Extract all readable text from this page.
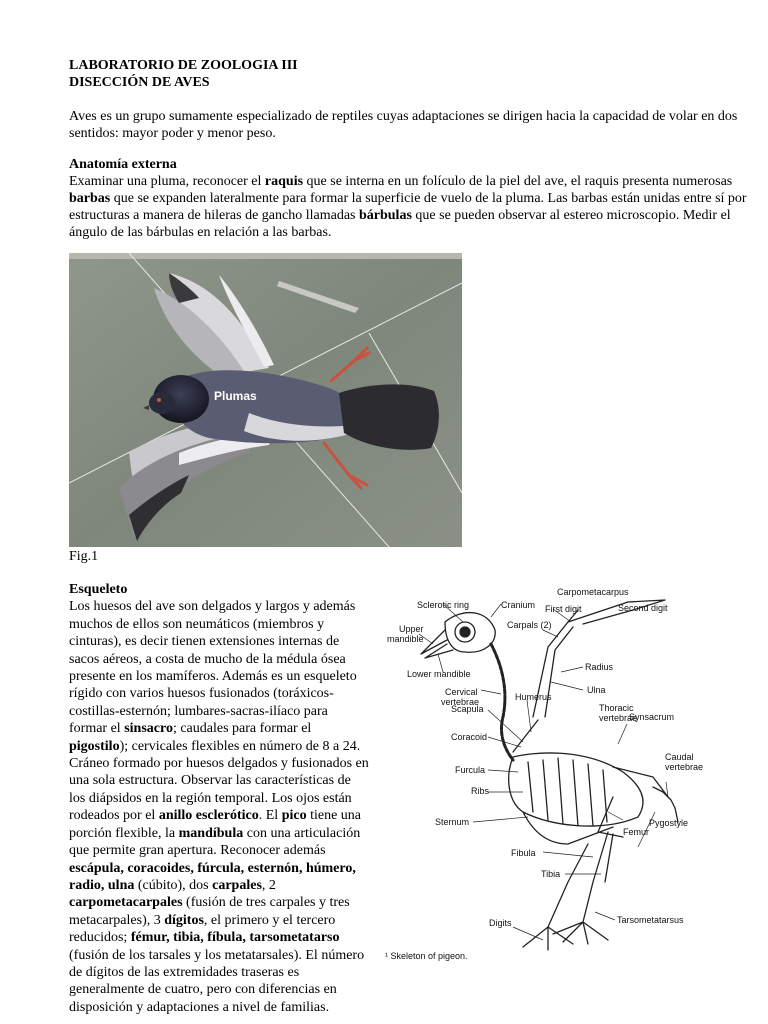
LABORATORIO DE ZOOLOGIA III
DISECCIÓN DE AVES
Aves es un grupo sumamente especializado de reptiles cuyas adaptaciones se dirigen hacia la capacidad de volar en dos sentidos: mayor poder y menor peso.
Anatomía externa
Examinar una pluma, reconocer el raquis que se interna en un folículo de la piel del ave, el raquis presenta numerosas barbas que se expanden lateralmente para formar la superficie de vuelo de la pluma. Las barbas están unidas entre sí por estructuras a manera de hileras de gancho llamadas bárbulas que se pueden observar al estereo microscopio. Medir el ángulo de las bárbulas en relación a las barbas.
Plumas
Fig.1
Esqueleto
Los huesos del ave son delgados y largos y además muchos de ellos son neumáticos (miembros y cinturas), es decir tienen extensiones internas de sacos aéreos, a costa de mucho de la médula ósea presente en los mamíferos. Además es un esqueleto rígido con varios huesos fusionados (toráxicos-costillas-esternón; lumbares-sacras-ilíaco para formar el sinsacro; caudales para formar el pigostilo); cervicales flexibles en número de 8 a 24. Cráneo formado por huesos delgados y fusionados en una sola estructura. Observar las características de los diápsidos en la región temporal. Los ojos están rodeados por el anillo esclerótico. El pico tiene una porción flexible, la mandíbula con una articulación que permite gran apertura. Reconocer además escápula, coracoides, fúrcula, esternón, húmero, radio, ulna (cúbito), dos carpales, 2 carpometacarpales (fusión de tres carpales y tres metacarpales), 3 dígitos, el primero y el tercero reducidos; fémur, tibia, fíbula, tarsometatarso (fusión de los tarsales y los metatarsales). El número de dígitos de las extremidades traseras es generalmente de cuatro, pero con diferencias en disposición y adaptaciones a nivel de familias.
Sclerotic ring	Cranium
Carpometacarpus
First digit	Second digit
Upper
mandible
Carpals (2)
Lower mandible
Radius
Cervical
vertebrae
Ulna
Humerus
Thoracic
vertebrae
Scapula
Synsacrum
Coracoid
Caudal
vertebrae
Furcula
Ribs
Pygostyle
Sternum
Femur
Fibula
Tibia
Digits	Tarsometatarsus
¹ Skeleton of pigeon.
